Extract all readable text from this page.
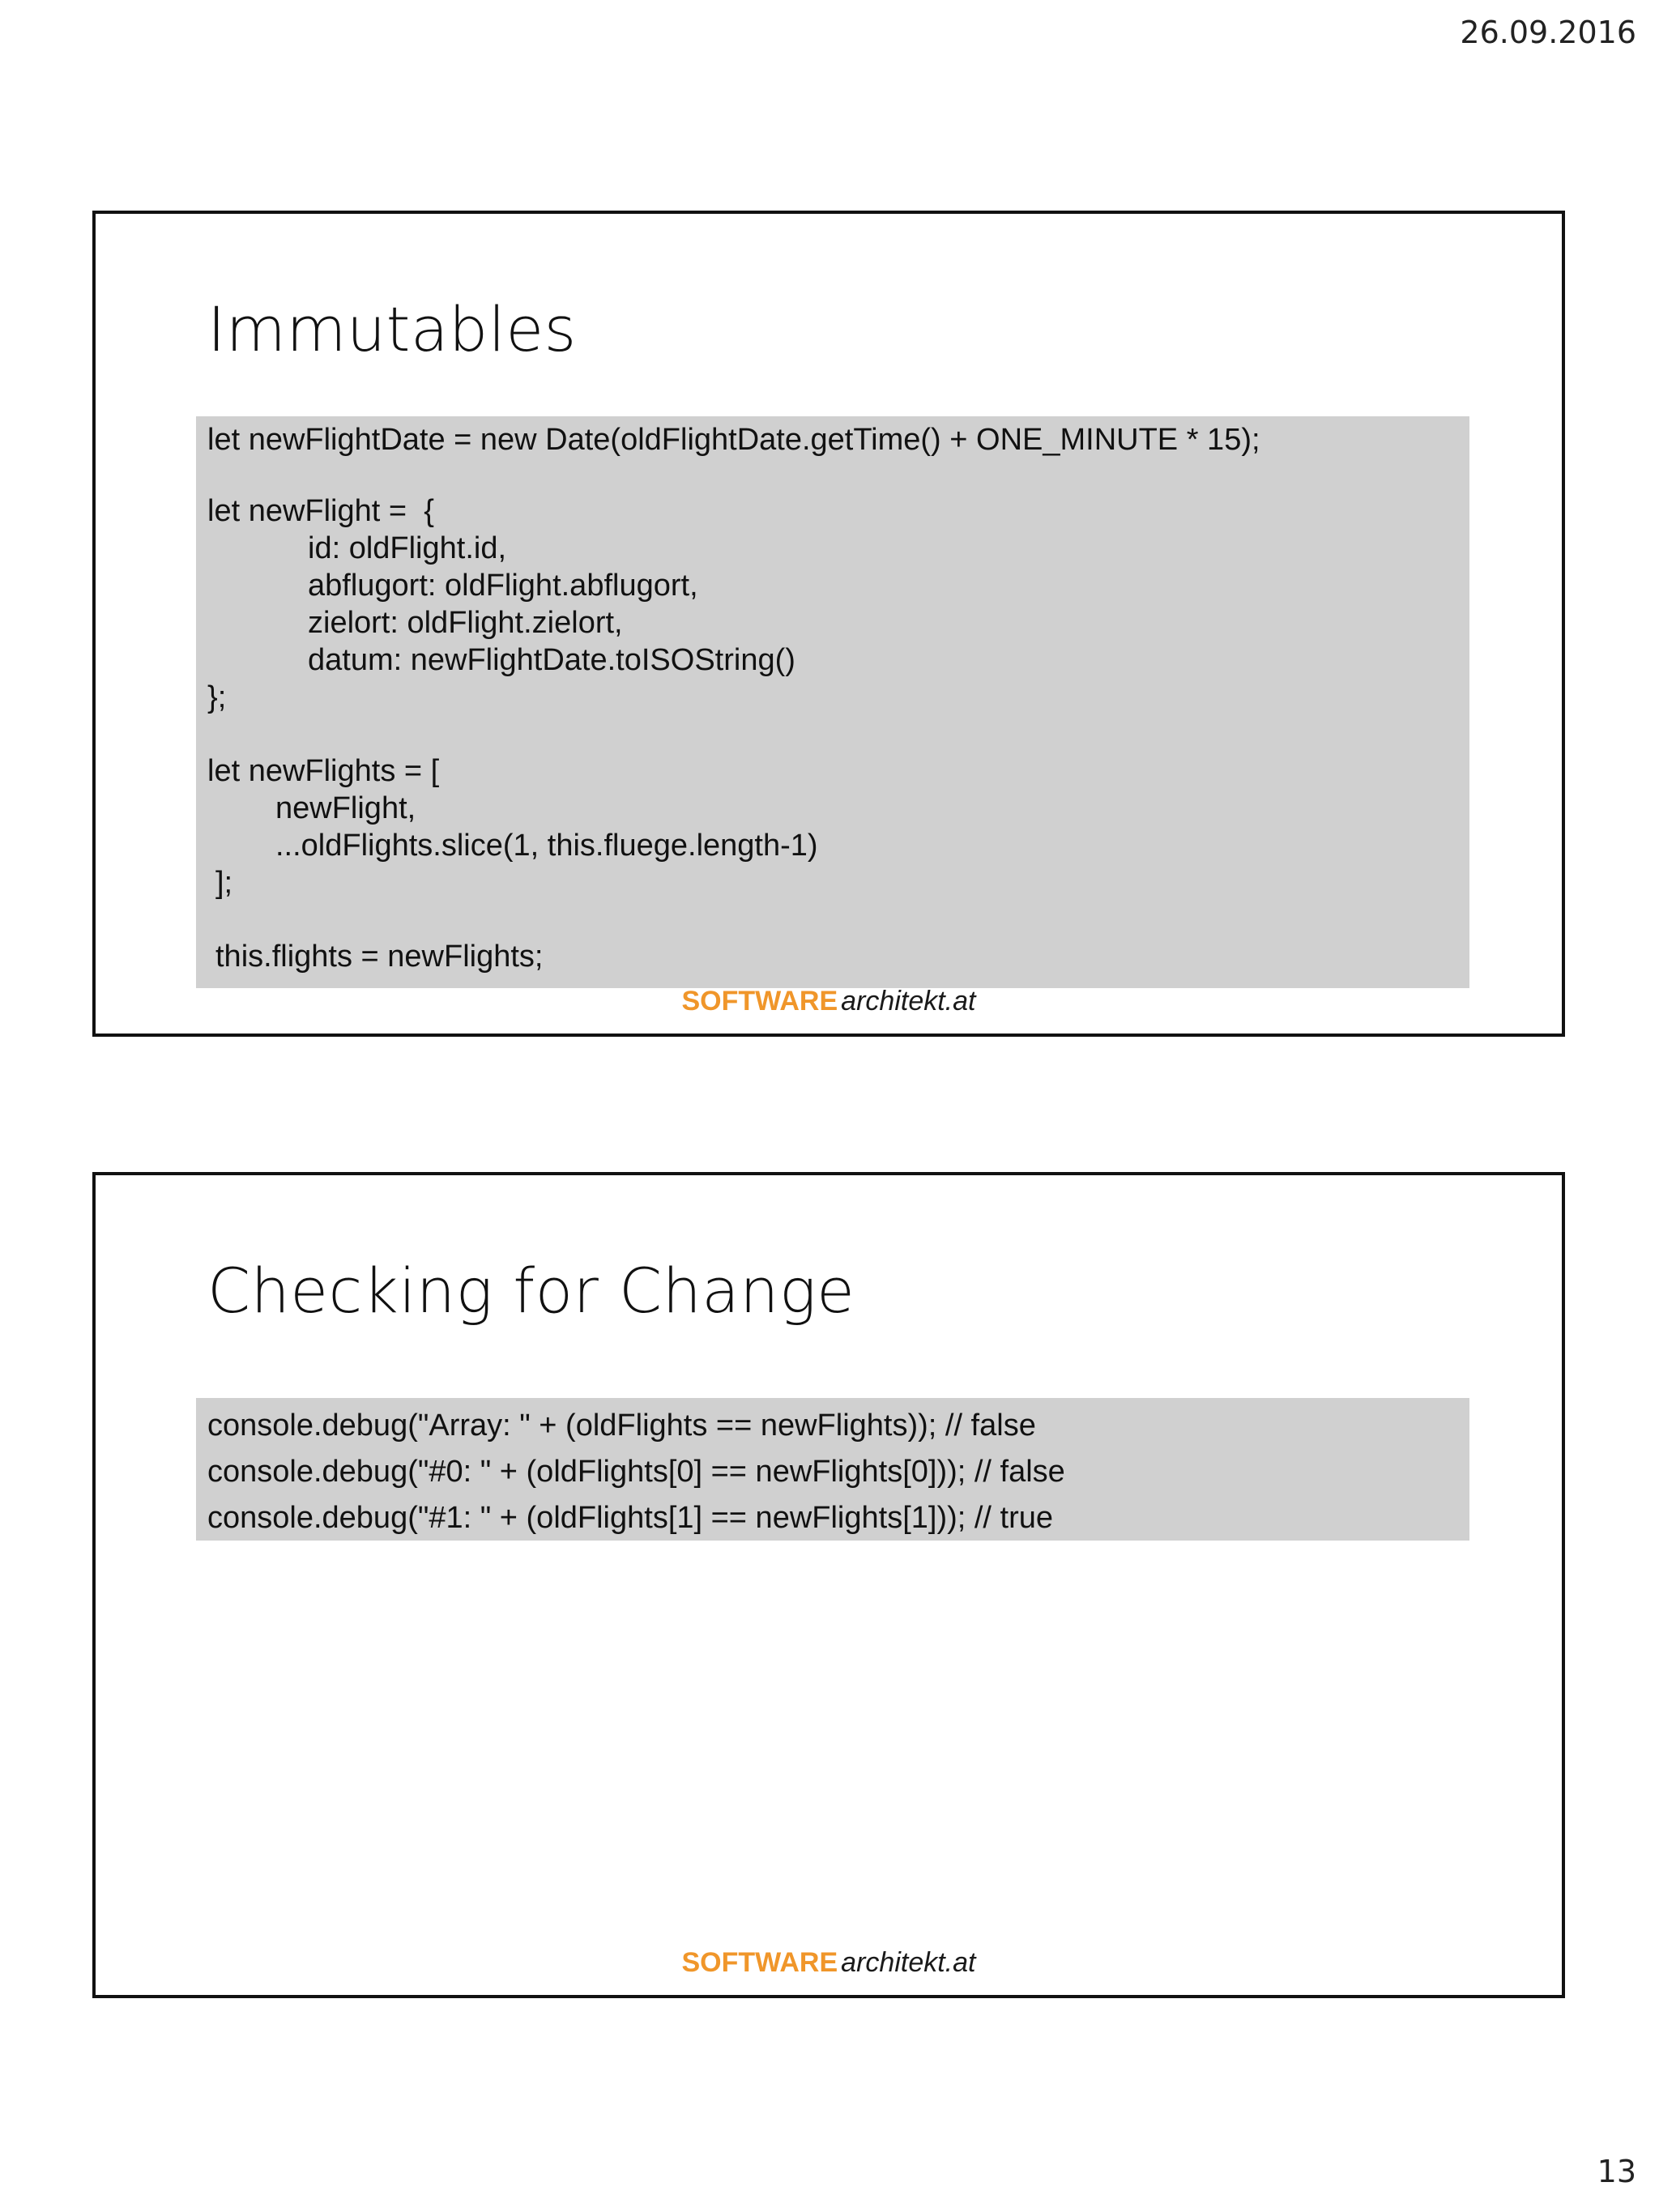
26.09.2016
Immutables
let newFlightDate = new Date(oldFlightDate.getTime() + ONE_MINUTE * 15);
let newFlight =  {
id: oldFlight.id,
abflugort: oldFlight.abflugort,
zielort: oldFlight.zielort,
datum: newFlightDate.toISOString()
};
let newFlights = [
newFlight,
...oldFlights.slice(1, this.fluege.length-1)
];
this.flights = newFlights;
SOFTWARE architekt.at
Checking for Change
console.debug("Array: " + (oldFlights == newFlights)); // false
console.debug("#0: " + (oldFlights[0] == newFlights[0])); // false
console.debug("#1: " + (oldFlights[1] == newFlights[1])); // true
SOFTWARE architekt.at
13
